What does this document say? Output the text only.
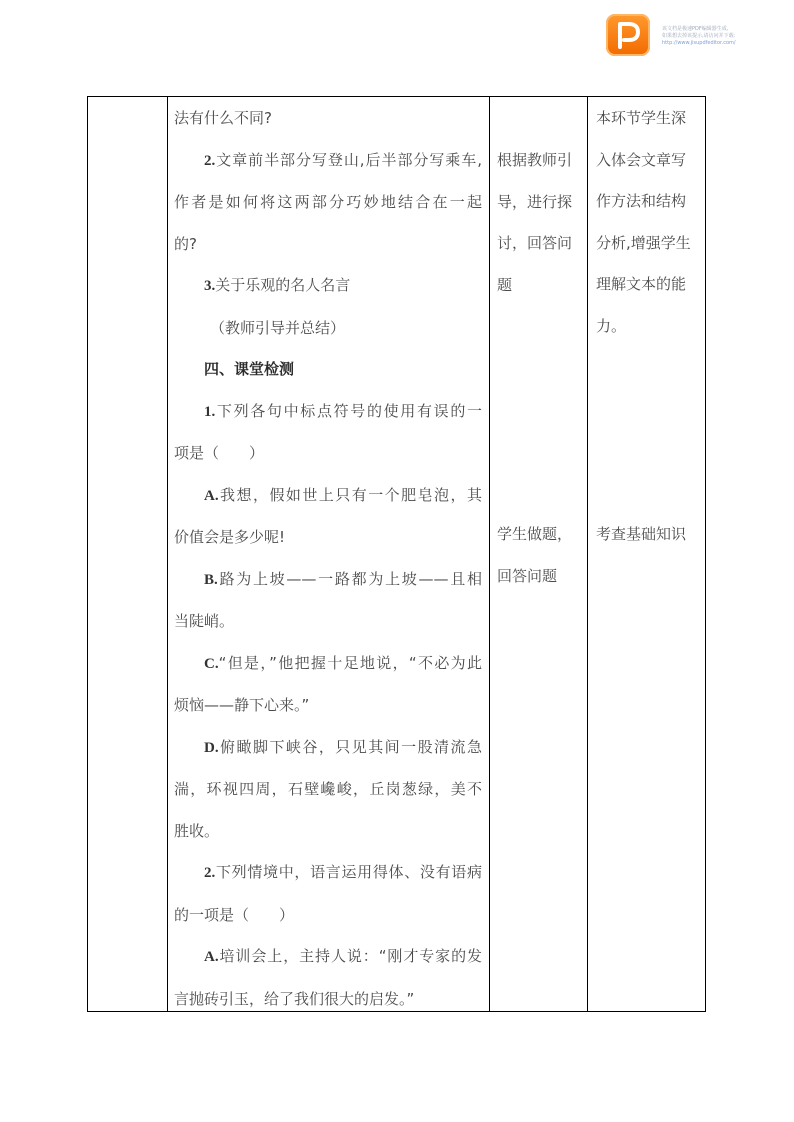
该文档是极速PDF编辑器生成,
如果想去掉该提示,请访问并下载:
http://www.jisupdfeditor.com/
法有什么不同?
2.文章前半部分写登山,后半部分写乘车,
作者是如何将这两部分巧妙地结合在一起
的?
3.关于乐观的名人名言
（教师引导并总结）
四、课堂检测
1.下列各句中标点符号的使用有误的一
项是（　　）
A.我想，假如世上只有一个肥皂泡，其
价值会是多少呢!
B.路为上坡——一路都为上坡——且相
当陡峭。
C.“但是，”他把握十足地说，“不必为此
烦恼——静下心来。”
D.俯瞰脚下峡谷，只见其间一股清流急
湍，环视四周，石壁巉峻，丘岗葱绿，美不
胜收。
2.下列情境中，语言运用得体、没有语病
的一项是（　　）
A.培训会上，主持人说：“刚才专家的发
言抛砖引玉，给了我们很大的启发。”
根据教师引
导，进行探
讨，回答问
题
学生做题，
回答问题
本环节学生深
入体会文章写
作方法和结构
分析,增强学生
理解文本的能
力。
考查基础知识
